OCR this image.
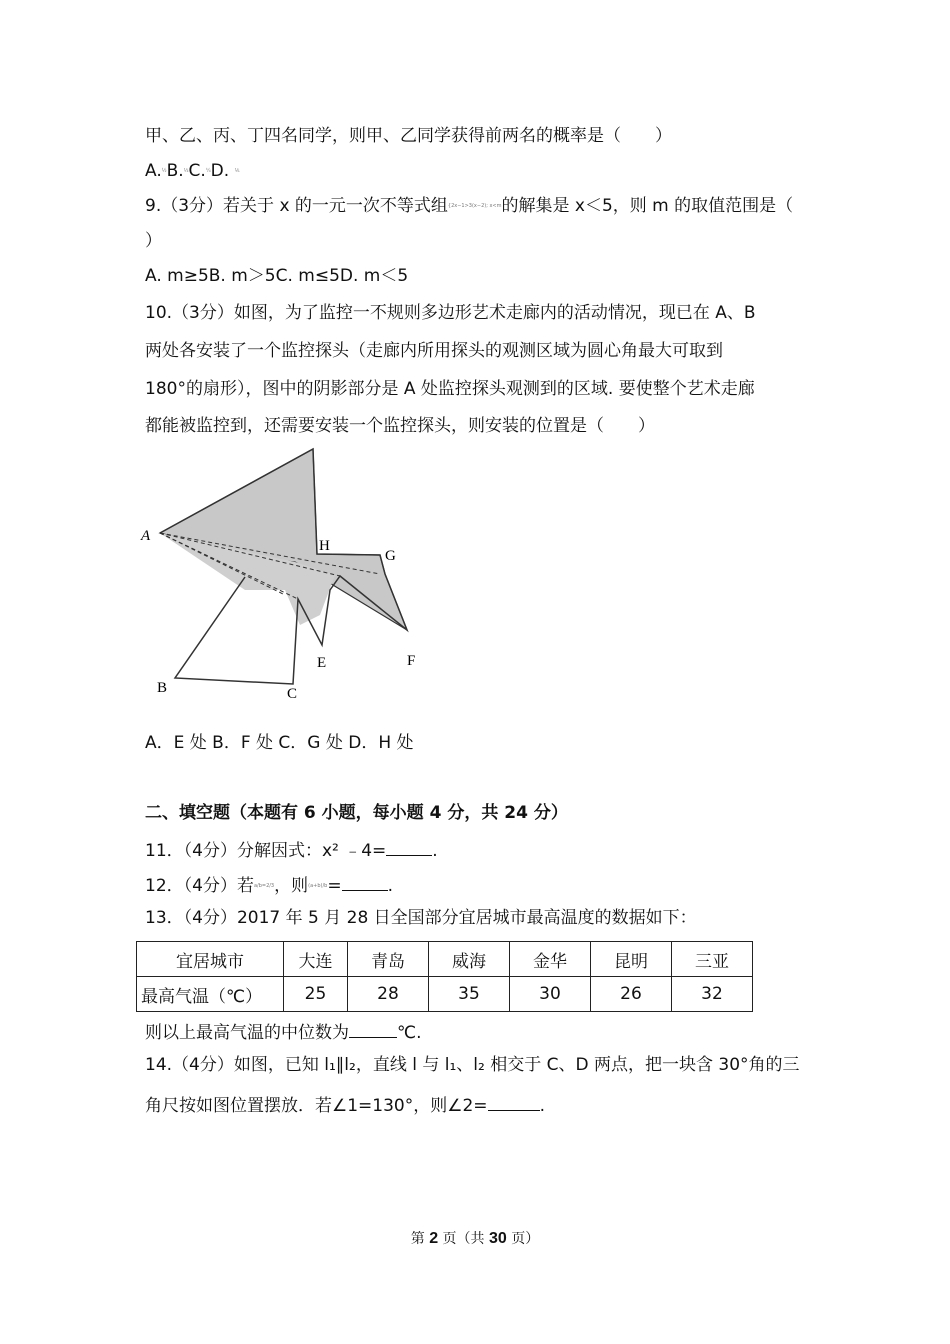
甲、乙、丙、丁四名同学，则甲、乙同学获得前两名的概率是（　　）
A.½B.⅓C.¼D. ⅙
9.（3分）若关于 x 的一元一次不等式组{2x−1>3(x−2); x<m的解集是 x＜5，则 m 的取值范围是（
）
A. m≥5B. m＞5C. m≤5D. m＜5
10.（3分）如图，为了监控一不规则多边形艺术走廊内的活动情况，现已在 A、B
两处各安装了一个监控探头（走廊内所用探头的观测区域为圆心角最大可取到
180°的扇形），图中的阴影部分是 A 处监控探头观测到的区域. 要使整个艺术走廊
都能被监控到，还需要安装一个监控探头，则安装的位置是（　　）
A
H
G
E	F
B	C
A．E 处 B．F 处 C．G 处 D．H 处
二、填空题（本题有 6 小题，每小题 4 分，共 24 分）
11．（4分）分解因式：x² ﹣4=	.
12．（4分）若a/b=2/3，则(a+b)/b=	.
13．（4分）2017 年 5 月 28 日全国部分宜居城市最高温度的数据如下：
宜居城市	大连	青岛	威海	金华	昆明	三亚
最高气温（℃）	25	28	35	30	26	32
则以上最高气温的中位数为	℃.
14.（4分）如图，已知 l₁∥l₂，直线 l 与 l₁、l₂ 相交于 C、D 两点，把一块含 30°角的三
角尺按如图位置摆放．若∠1=130°，则∠2=	.
第 2 页（共 30 页）
